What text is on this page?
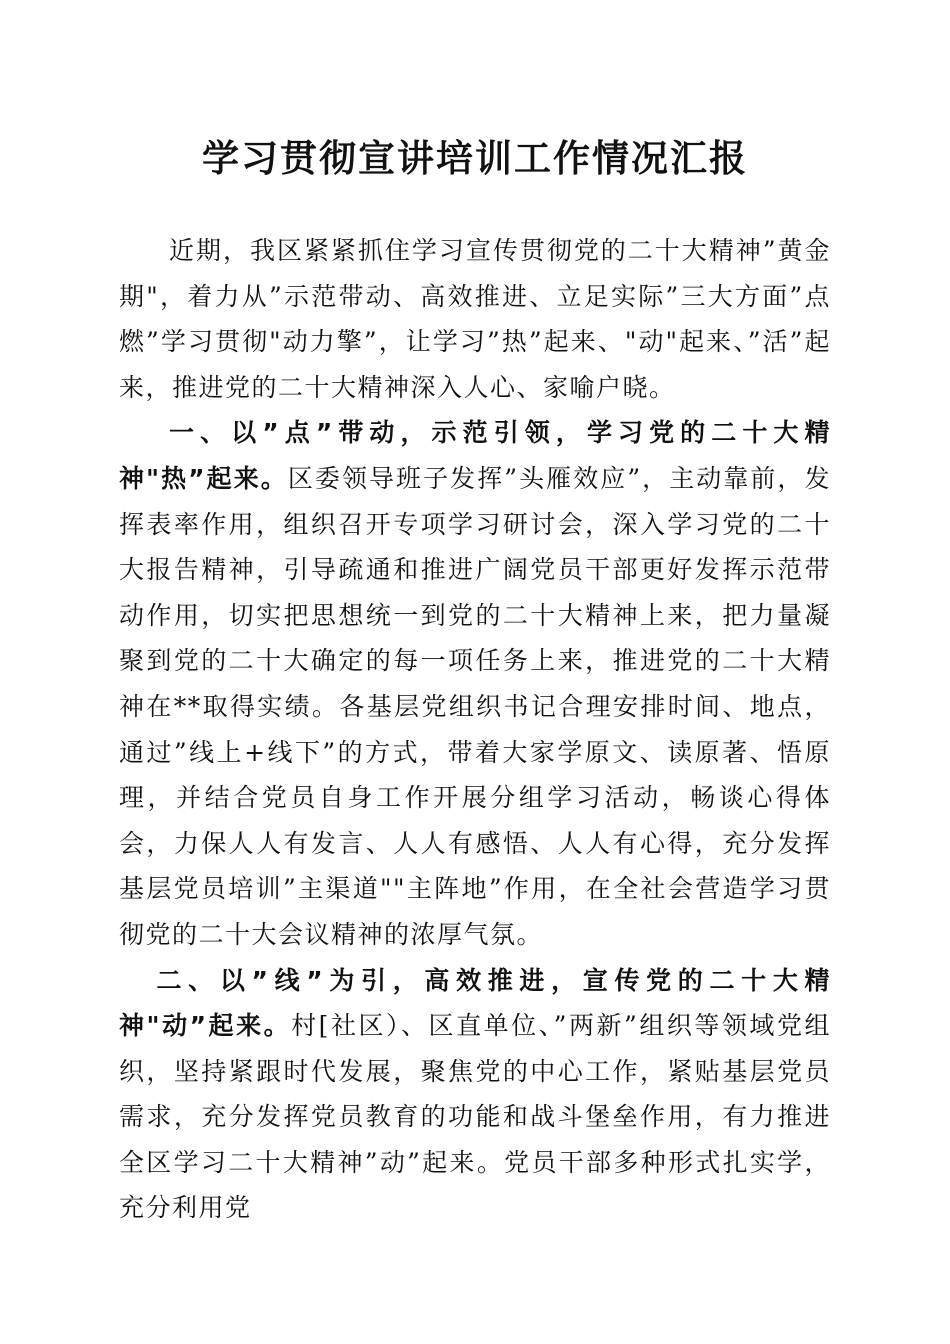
学习贯彻宣讲培训工作情况汇报

近期，我区紧紧抓住学习宣传贯彻党的二十大精神”黄金期"，着力从”示范带动、高效推进、立足实际”三大方面”点燃”学习贯彻"动力擎”，让学习”热”起来、"动"起来、”活”起来，推进党的二十大精神深入人心、家喻户晓。

一、以”点”带动，示范引领，学习党的二十大精神"热”起来。区委领导班子发挥”头雁效应”，主动靠前，发挥表率作用，组织召开专项学习研讨会，深入学习党的二十大报告精神，引导疏通和推进广阔党员干部更好发挥示范带动作用，切实把思想统一到党的二十大精神上来，把力量凝聚到党的二十大确定的每一项任务上来，推进党的二十大精神在**取得实绩。各基层党组织书记合理安排时间、地点，通过”线上+线下”的方式，带着大家学原文、读原著、悟原理，并结合党员自身工作开展分组学习活动，畅谈心得体会，力保人人有发言、人人有感悟、人人有心得，充分发挥基层党员培训”主渠道""主阵地”作用，在全社会营造学习贯彻党的二十大会议精神的浓厚气氛。

二、以”线”为引，高效推进，宣传党的二十大精神"动”起来。村[社区）、区直单位、”两新”组织等领域党组织，坚持紧跟时代发展，聚焦党的中心工作，紧贴基层党员需求，充分发挥党员教育的功能和战斗堡垒作用，有力推进全区学习二十大精神”动”起来。党员干部多种形式扎实学，充分利用党
